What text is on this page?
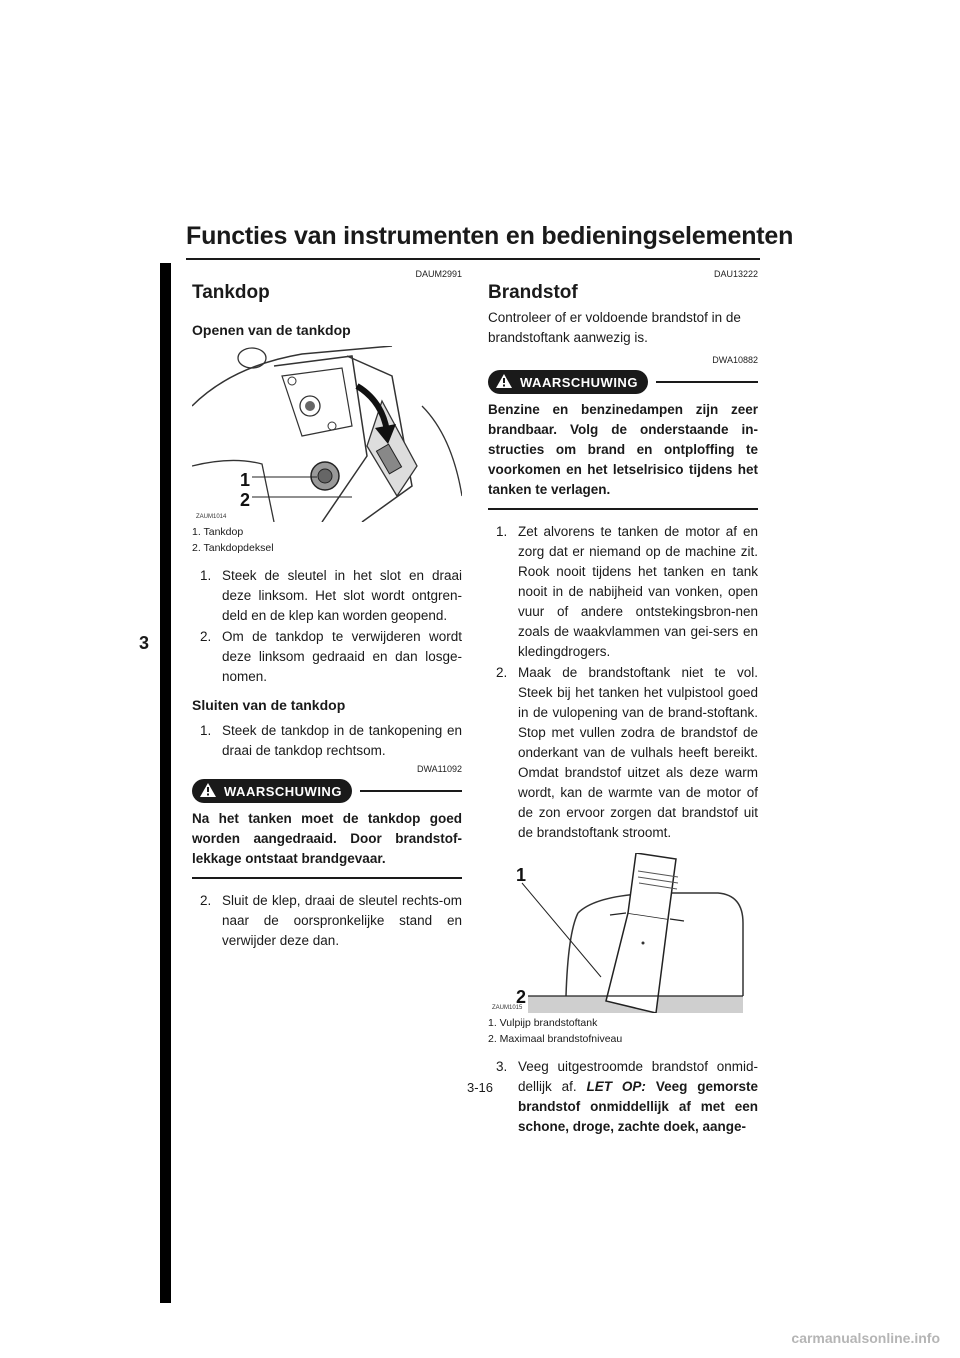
Functies van instrumenten en bedieningselementen
3

DAUM2991

Tankdop
Openen van de tankdop
ZAUM1014
1
2
1. Tankdop
2. Tankdopdeksel
1. Steek de sleutel in het slot en draai deze linksom. Het slot wordt ontgren-deld en de klep kan worden geopend.
2. Om de tankdop te verwijderen wordt deze linksom gedraaid en dan losge-nomen.
Sluiten van de tankdop
1. Steek de tankdop in de tankopening en draai de tankdop rechtsom.

DWA11092

WAARSCHUWING

Na het tanken moet de tankdop goed worden aangedraaid. Door brandstof-lekkage ontstaat brandgevaar.

2. Sluit de klep, draai de sleutel rechts-om naar de oorspronkelijke stand en verwijder deze dan.

DAU13222

Brandstof

Controleer of er voldoende brandstof in de brandstoftank aanwezig is.

DWA10882

WAARSCHUWING

Benzine en benzinedampen zijn zeer brandbaar. Volg de onderstaande in-structies om brand en ontploffing te voorkomen en het letselrisico tijdens het tanken te verlagen.

1. Zet alvorens te tanken de motor af en zorg dat er niemand op de machine zit. Rook nooit tijdens het tanken en tank nooit in de nabijheid van vonken, open vuur of andere ontstekingsbron-nen zoals de waakvlammen van gei-sers en kledingdrogers.
2. Maak de brandstoftank niet te vol. Steek bij het tanken het vulpistool goed in de vulopening van de brand-stoftank. Stop met vullen zodra de brandstof de onderkant van de vulhals heeft bereikt. Omdat brandstof uitzet als deze warm wordt, kan de warmte van de motor of de zon ervoor zorgen dat brandstof uit de brandstoftank stroomt.
ZAUM1015
1
2
1. Vulpijp brandstoftank
2. Maximaal brandstofniveau
3. Veeg uitgestroomde brandstof onmid-dellijk af. LET OP: Veeg gemorste brandstof onmiddellijk af met een schone, droge, zachte doek, aange-
3-16
carmanualsonline.info
